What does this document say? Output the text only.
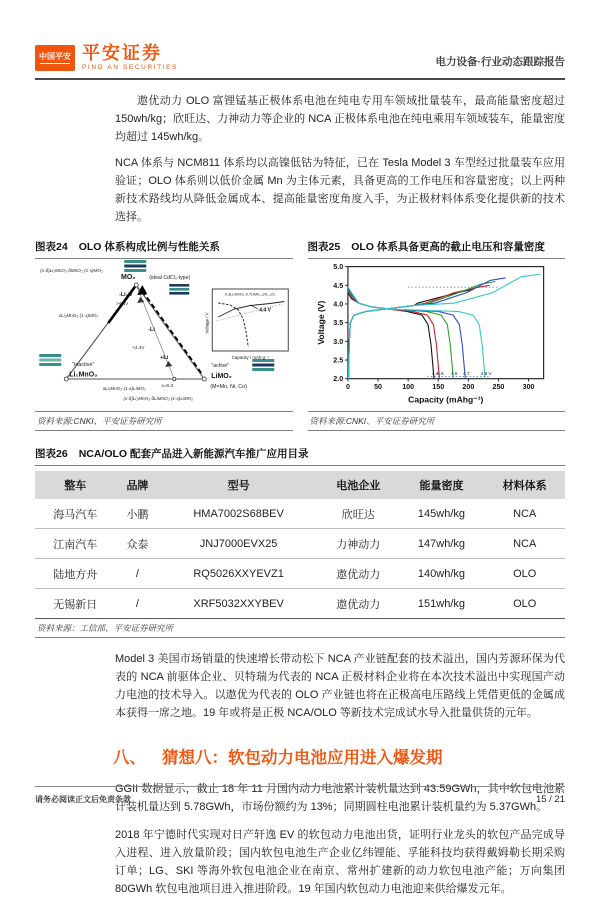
中国平安 平安证券
PING AN SECURITIES	电力设备·行业动态跟踪报告

遨优动力 OLO 富锂锰基正极体系电池在纯电专用车领域批量装车，最高能量密度超过 150wh/kg；欣旺达、力神动力等企业的 NCA 正极体系电池在纯电乘用车领域装车，能量密度均超过 145wh/kg。

NCA 体系与 NCM811 体系均以高镍低钴为特征，已在 Tesla Model 3 车型经过批量装车应用验证；OLO 体系则以低价金属 Mn 为主体元素，具备更高的工作电压和容量密度；以上两种新技术路线均从降低金属成本、提高能量密度角度入手，为正极材料体系变化提供新的技术选择。

图表24 OLO 体系构成比例与性能关系
(x-δ)Li₂MnO₃·δMnO₂·(1-x)MO₂
MO₂	(ideal CdCl₂-type)
-Li₂O
>4.4V
xLi₂MnO₃·(1-x)MO₂
-Li
<4.4V
+Li
"inactive"
Li₂MnO₃
"active"
LiMO₂
(M=Mn, Ni, Co)
x=0.3
xLi₂MnO₃·(1-x)LiMO₂
(x-δ)Li₂MnO₃·δLiMnO₂·(1-x)LiMO₂
0.3Li₂MnO₃·0.7LiMn₀.₅Ni₀.₅O₂
4.4 V
Capacity / mAh g⁻¹
Voltage / V
资料来源:CNKI、平安证券研究所
图表25 OLO 体系具备更高的截止电压和容量密度
2.0
2.5
3.0
3.5
4.0
4.5
5.0
0	50	100 150 200 250 300
Capacity (mAhg⁻¹)
Voltage (V)
4.4
4.5 4.6 4.7 4.8 V
资料来源:CNKI、平安证券研究所
图表26 NCA/OLO 配套产品进入新能源汽车推广应用目录
整车	品牌	型号	电池企业	能量密度	材料体系
海马汽车	小鹏	HMA7002S68BEV	欣旺达	145wh/kg	NCA
江南汽车	众泰	JNJ7000EVX25	力神动力	147wh/kg	NCA
陆地方舟	/	RQ5026XXYEVZ1	遨优动力	140wh/kg	OLO
无锡新日	/	XRF5032XXYBEV	遨优动力	151wh/kg	OLO
资料来源：工信部、平安证券研究所

Model 3 美国市场销量的快速增长带动松下 NCA 产业链配套的技术溢出，国内芳源环保为代表的 NCA 前驱体企业、贝特瑞为代表的 NCA 正极材料企业将在本次技术溢出中实现国产动力电池的技术导入。以遨优为代表的 OLO 产业链也将在正极高电压路线上凭借更低的金属成本获得一席之地。19 年或将是正极 NCA/OLO 等新技术完成试水导入批量供货的元年。

八、 猜想八：软包动力电池应用进入爆发期

GGII 数据显示，截止 18 年 11 月国内动力电池累计装机量达到 43.59GWh，其中软包电池累计装机量达到 5.78GWh，市场份额约为 13%；同期圆柱电池累计装机量约为 5.37GWh。

2018 年宁德时代实现对日产轩逸 EV 的软包动力电池出货，证明行业龙头的软包产品完成导入进程、进入放量阶段；国内软包电池生产企业亿纬锂能、孚能科技均获得戴姆勒长期采购订单；LG、SKI 等海外软包电池企业在南京、常州扩建新的动力软包电池产能；万向集团 80GWh 软包电池项目进入推进阶段。19 年国内软包动力电池迎来供给爆发元年。

请务必阅读正文后免责条款	15 / 21
